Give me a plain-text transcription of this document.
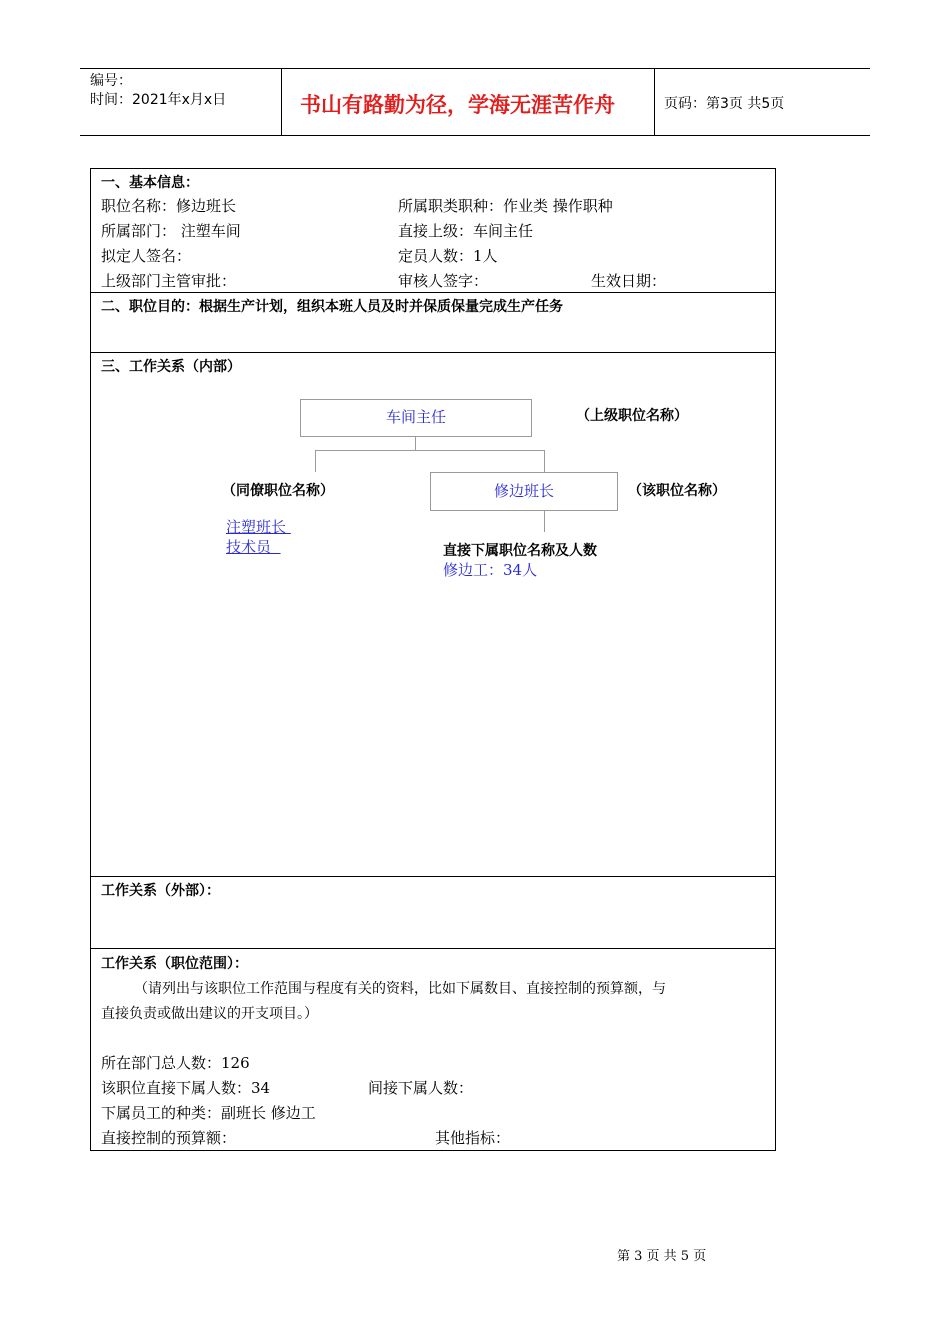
编号：
时间：2021年x月x日	书山有路勤为径，学海无涯苦作舟	页码：第3页 共5页
一、基本信息：
职位名称：修边班长	所属职类职种：作业类 操作职种
所属部门： 注塑车间	直接上级：车间主任
拟定人签名：	定员人数：1人
上级部门主管审批：	审核人签字：	生效日期：
二、职位目的：根据生产计划，组织本班人员及时并保质保量完成生产任务
三、工作关系（内部）
车间主任	（上级职位名称）
修边班长	（该职位名称）
（同僚职位名称）
注塑班长
技术员	直接下属职位名称及人数
修边工：34人
工作关系（外部）：
工作关系（职位范围）：
（请列出与该职位工作范围与程度有关的资料，比如下属数目、直接控制的预算额，与
直接负责或做出建议的开支项目。）
所在部门总人数：126
该职位直接下属人数：34	间接下属人数：
下属员工的种类：副班长 修边工
直接控制的预算额：	其他指标：
第 3 页 共 5 页
